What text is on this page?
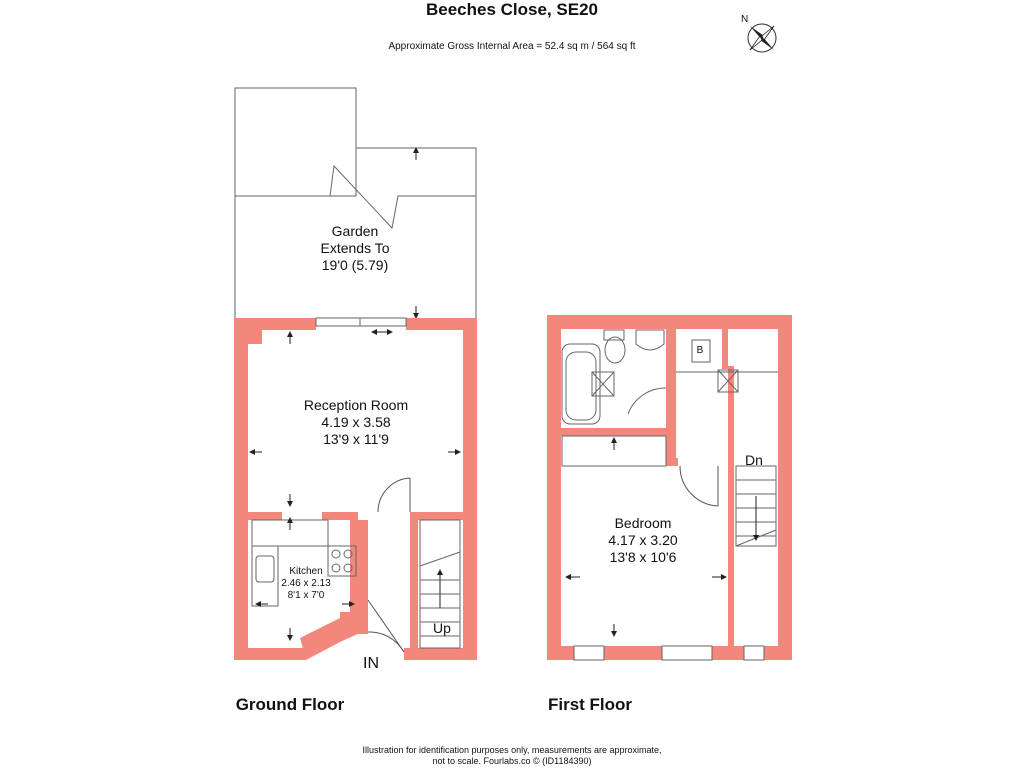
Beeches Close, SE20
Approximate Gross Internal Area = 52.4 sq m / 564 sq ft
N
Garden
Extends To
19'0 (5.79)
Reception Room
4.19 x 3.58
13'9 x 11'9
Kitchen
2.46 x 2.13
8'1 x 7'0
Up
IN
Ground Floor
B
Dn
Bedroom
4.17 x 3.20
13'8 x 10'6
First Floor
Illustration for identification purposes only, measurements are approximate,
not to scale. Fourlabs.co © (ID1184390)
